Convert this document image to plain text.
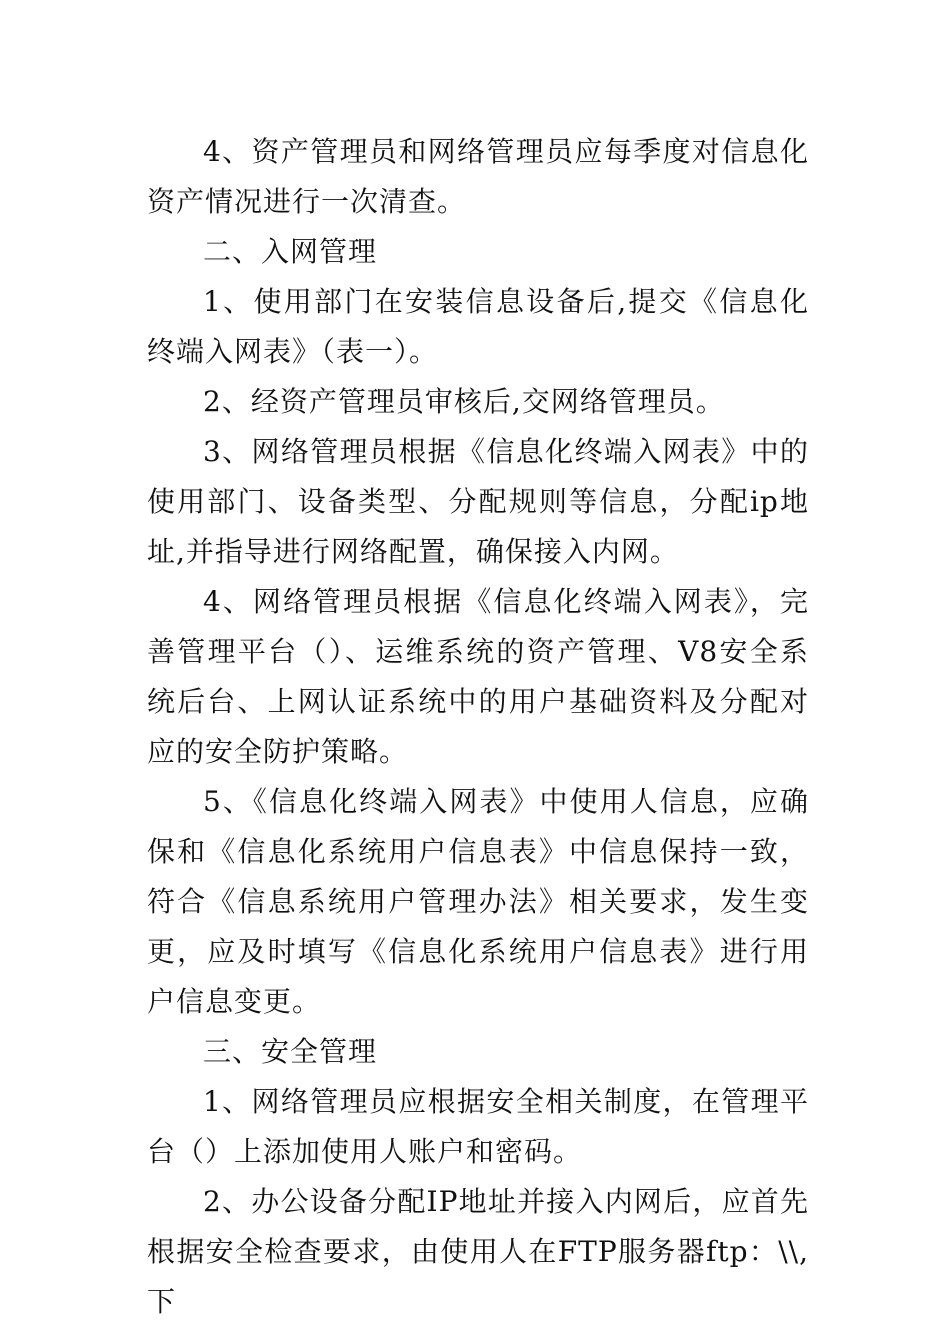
4、资产管理员和网络管理员应每季度对信息化资产情况进行一次清查。

二、入网管理

1、使用部门在安装信息设备后,提交《信息化终端入网表》（表一）。

2、经资产管理员审核后,交网络管理员。

3、网络管理员根据《信息化终端入网表》中的使用部门、设备类型、分配规则等信息，分配ip地址,并指导进行网络配置，确保接入内网。

4、网络管理员根据《信息化终端入网表》，完善管理平台（）、运维系统的资产管理、V8安全系统后台、上网认证系统中的用户基础资料及分配对应的安全防护策略。

5、《信息化终端入网表》中使用人信息，应确保和《信息化系统用户信息表》中信息保持一致，符合《信息系统用户管理办法》相关要求，发生变更，应及时填写《信息化系统用户信息表》进行用户信息变更。

三、安全管理

1、网络管理员应根据安全相关制度，在管理平台（）上添加使用人账户和密码。

2、办公设备分配IP地址并接入内网后，应首先根据安全检查要求，由使用人在FTP服务器ftp：\\,下
